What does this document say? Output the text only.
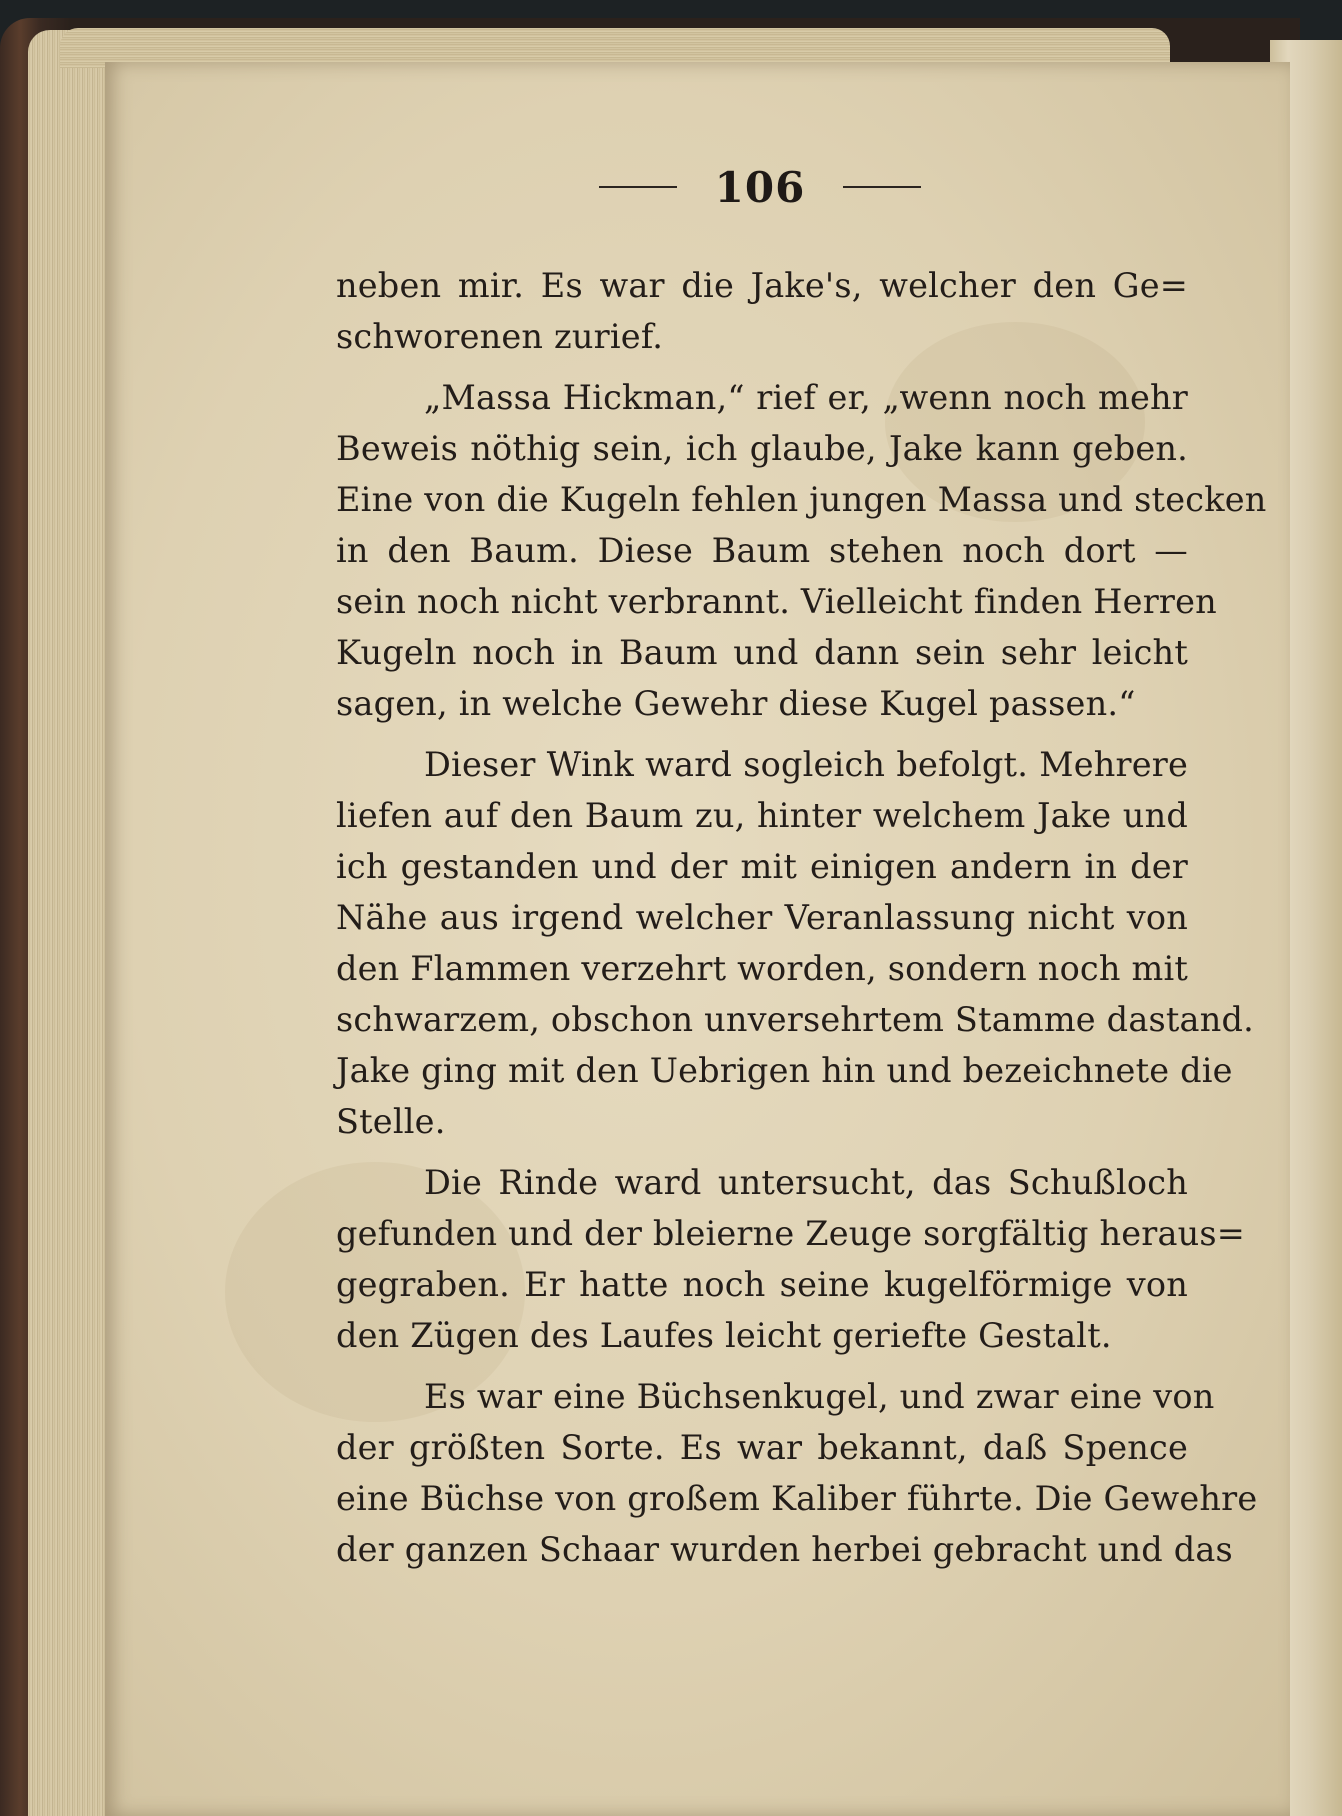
106
neben mir. Es war die Jake's, welcher den Ge=
schworenen zurief.
„Massa Hickman,“ rief er, „wenn noch mehr
Beweis nöthig sein, ich glaube, Jake kann geben.
Eine von die Kugeln fehlen jungen Massa und stecken
in den Baum. Diese Baum stehen noch dort —
sein noch nicht verbrannt. Vielleicht finden Herren
Kugeln noch in Baum und dann sein sehr leicht
sagen, in welche Gewehr diese Kugel passen.“
Dieser Wink ward sogleich befolgt. Mehrere
liefen auf den Baum zu, hinter welchem Jake und
ich gestanden und der mit einigen andern in der
Nähe aus irgend welcher Veranlassung nicht von
den Flammen verzehrt worden, sondern noch mit
schwarzem, obschon unversehrtem Stamme dastand.
Jake ging mit den Uebrigen hin und bezeichnete die
Stelle.
Die Rinde ward untersucht, das Schußloch
gefunden und der bleierne Zeuge sorgfältig heraus=
gegraben. Er hatte noch seine kugelförmige von
den Zügen des Laufes leicht geriefte Gestalt.
Es war eine Büchsenkugel, und zwar eine von
der größten Sorte. Es war bekannt, daß Spence
eine Büchse von großem Kaliber führte. Die Gewehre
der ganzen Schaar wurden herbei gebracht und das
